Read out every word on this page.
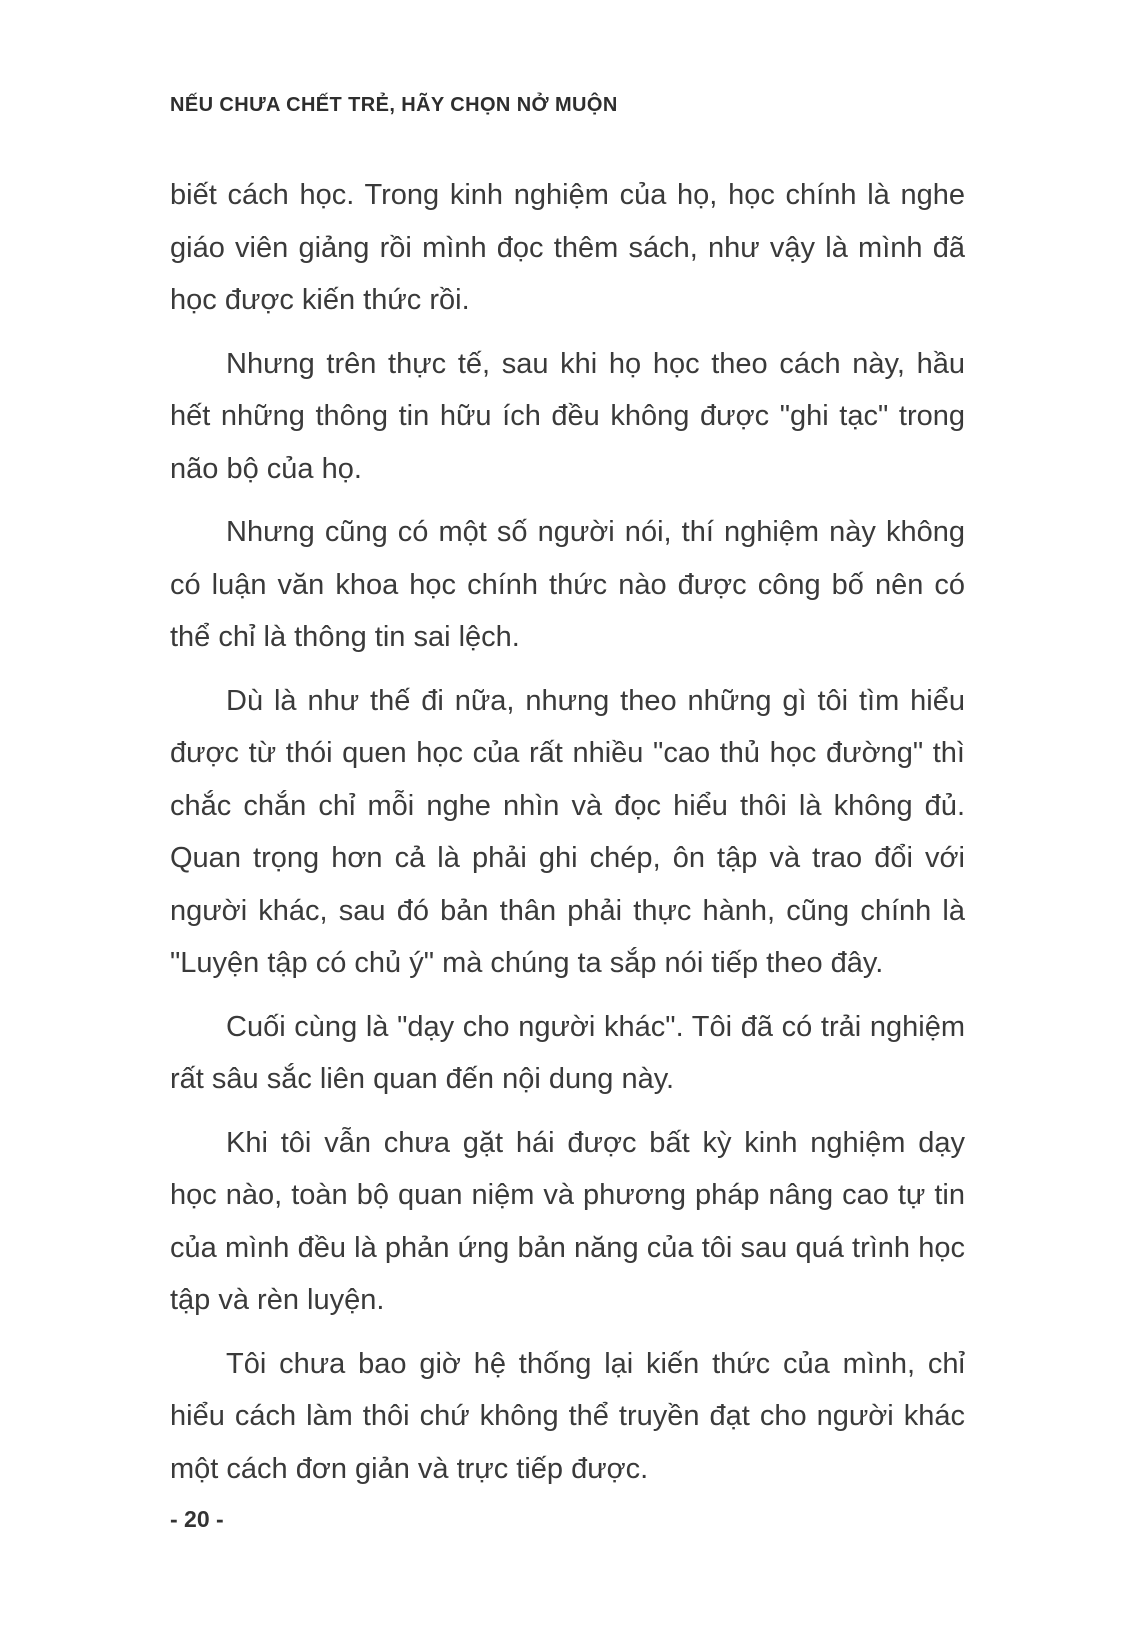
NẾU CHƯA CHẾT TRẺ, HÃY CHỌN NỞ MUỘN

biết cách học. Trong kinh nghiệm của họ, học chính là nghe giáo viên giảng rồi mình đọc thêm sách, như vậy là mình đã học được kiến thức rồi.

Nhưng trên thực tế, sau khi họ học theo cách này, hầu hết những thông tin hữu ích đều không được "ghi tạc" trong não bộ của họ.

Nhưng cũng có một số người nói, thí nghiệm này không có luận văn khoa học chính thức nào được công bố nên có thể chỉ là thông tin sai lệch.

Dù là như thế đi nữa, nhưng theo những gì tôi tìm hiểu được từ thói quen học của rất nhiều "cao thủ học đường" thì chắc chắn chỉ mỗi nghe nhìn và đọc hiểu thôi là không đủ. Quan trọng hơn cả là phải ghi chép, ôn tập và trao đổi với người khác, sau đó bản thân phải thực hành, cũng chính là "Luyện tập có chủ ý" mà chúng ta sắp nói tiếp theo đây.

Cuối cùng là "dạy cho người khác". Tôi đã có trải nghiệm rất sâu sắc liên quan đến nội dung này.

Khi tôi vẫn chưa gặt hái được bất kỳ kinh nghiệm dạy học nào, toàn bộ quan niệm và phương pháp nâng cao tự tin của mình đều là phản ứng bản năng của tôi sau quá trình học tập và rèn luyện.

Tôi chưa bao giờ hệ thống lại kiến thức của mình, chỉ hiểu cách làm thôi chứ không thể truyền đạt cho người khác một cách đơn giản và trực tiếp được.

- 20 -
